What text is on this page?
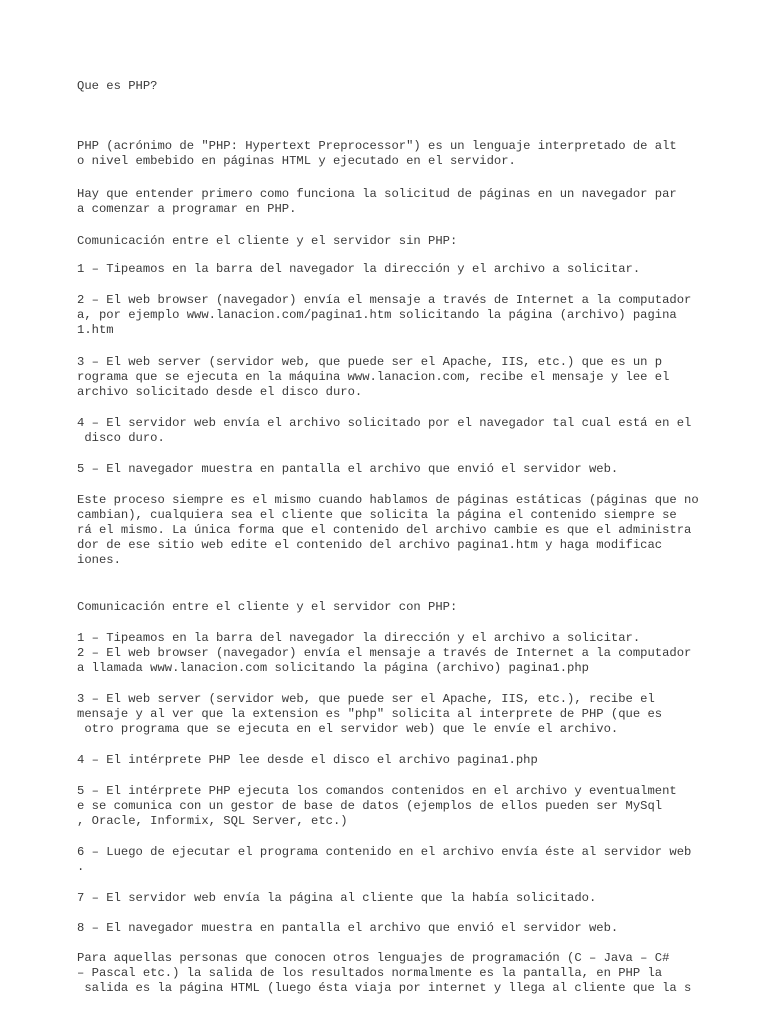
Que es PHP?

PHP (acrónimo de "PHP: Hypertext Preprocessor") es un lenguaje interpretado de alt

o nivel embebido en páginas HTML y ejecutado en el servidor.

Hay que entender primero como funciona la solicitud de páginas en un navegador par

a comenzar a programar en PHP.

Comunicación entre el cliente y el servidor sin PHP:

1 – Tipeamos en la barra del navegador la dirección y el archivo a solicitar.

2 – El web browser (navegador) envía el mensaje a través de Internet a la computador

a, por ejemplo www.lanacion.com/pagina1.htm solicitando la página (archivo) pagina

1.htm

3 – El web server (servidor web, que puede ser el Apache, IIS, etc.) que es un p

rograma que se ejecuta en la máquina www.lanacion.com, recibe el mensaje y lee el

archivo solicitado desde el disco duro.

4 – El servidor web envía el archivo solicitado por el navegador tal cual está en el

disco duro.

5 – El navegador muestra en pantalla el archivo que envió el servidor web.

Este proceso siempre es el mismo cuando hablamos de páginas estáticas (páginas que no

cambian), cualquiera sea el cliente que solicita la página el contenido siempre se

rá el mismo. La única forma que el contenido del archivo cambie es que el administra

dor de ese sitio web edite el contenido del archivo pagina1.htm y haga modificac

iones.

Comunicación entre el cliente y el servidor con PHP:

1 – Tipeamos en la barra del navegador la dirección y el archivo a solicitar.

2 – El web browser (navegador) envía el mensaje a través de Internet a la computador

a llamada www.lanacion.com solicitando la página (archivo) pagina1.php

3 – El web server (servidor web, que puede ser el Apache, IIS, etc.), recibe el

mensaje y al ver que la extension es "php" solicita al interprete de PHP (que es

otro programa que se ejecuta en el servidor web) que le envíe el archivo.

4 – El intérprete PHP lee desde el disco el archivo pagina1.php

5 – El intérprete PHP ejecuta los comandos contenidos en el archivo y eventualment

e se comunica con un gestor de base de datos (ejemplos de ellos pueden ser MySql

, Oracle, Informix, SQL Server, etc.)

6 – Luego de ejecutar el programa contenido en el archivo envía éste al servidor web

.

7 – El servidor web envía la página al cliente que la había solicitado.

8 – El navegador muestra en pantalla el archivo que envió el servidor web.

Para aquellas personas que conocen otros lenguajes de programación (C – Java – C#

– Pascal etc.) la salida de los resultados normalmente es la pantalla, en PHP la

salida es la página HTML (luego ésta viaja por internet y llega al cliente que la s
